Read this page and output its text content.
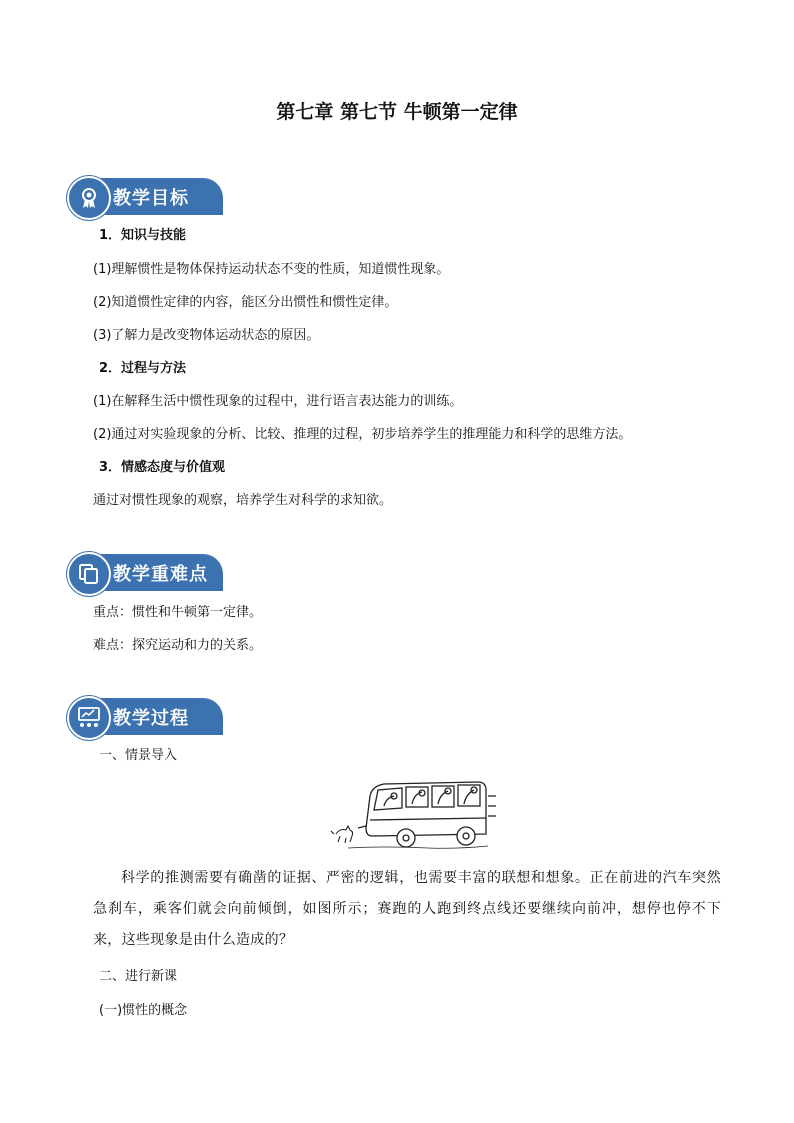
第七章 第七节 牛顿第一定律
教学目标
1．知识与技能
(1)理解惯性是物体保持运动状态不变的性质，知道惯性现象。
(2)知道惯性定律的内容，能区分出惯性和惯性定律。
(3)了解力是改变物体运动状态的原因。
2．过程与方法
(1)在解释生活中惯性现象的过程中，进行语言表达能力的训练。
(2)通过对实验现象的分析、比较、推理的过程，初步培养学生的推理能力和科学的思维方法。
3．情感态度与价值观
通过对惯性现象的观察，培养学生对科学的求知欲。
教学重难点
重点：惯性和牛顿第一定律。
难点：探究运动和力的关系。
教学过程
一、情景导入
科学的推测需要有确凿的证据、严密的逻辑，也需要丰富的联想和想象。正在前进的汽车突然急刹车，乘客们就会向前倾倒，如图所示；赛跑的人跑到终点线还要继续向前冲，想停也停不下来，这些现象是由什么造成的？
二、进行新课
(一)惯性的概念
